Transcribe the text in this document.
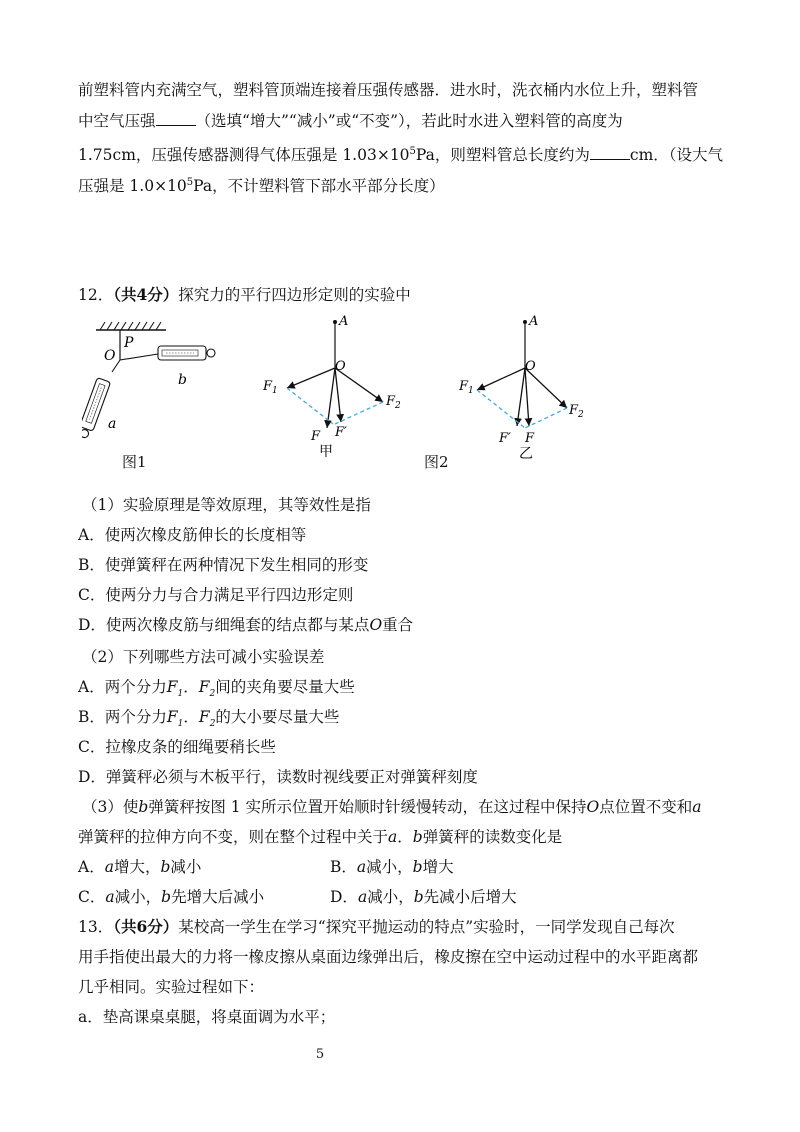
前塑料管内充满空气，塑料管顶端连接着压强传感器．进水时，洗衣桶内水位上升，塑料管
中空气压强	（选填“增大”“减小”或“不变”），若此时水进入塑料管的高度为
1.75cm，压强传感器测得气体压强是 $1.03\times 10^5Pa$，则塑料管总长度约为	cm．（设大气
压强是 $1.0\times 10^5Pa$，不计塑料管下部水平部分长度）
12．（共4分）探究力的平行四边形定则的实验中
O
P
b
a
图1
A
O
$F_1$
$F_2$
F F′
甲
A
O
$F_1$
$F_2$
F′ F
乙
图2
（1）实验原理是等效原理，其等效性是指
A．使两次橡皮筋伸长的长度相等
B．使弹簧秤在两种情况下发生相同的形变
C．使两分力与合力满足平行四边形定则
D．使两次橡皮筋与细绳套的结点都与某点O重合
（2）下列哪些方法可减小实验误差
A．两个分力$F_1$．$F_2$间的夹角要尽量大些
B．两个分力$F_1$．$F_2$的大小要尽量大些
C．拉橡皮条的细绳要稍长些
D．弹簧秤必须与木板平行，读数时视线要正对弹簧秤刻度
（3）使b弹簧秤按图 1 实所示位置开始顺时针缓慢转动，在这过程中保持O点位置不变和a
弹簧秤的拉伸方向不变，则在整个过程中关于a．b弹簧秤的读数变化是
A．a增大，b减小	B．a减小，b增大
C．a减小，b先增大后减小	D．a减小，b先减小后增大
13．（共6分）某校高一学生在学习“探究平抛运动的特点”实验时，一同学发现自己每次
用手指使出最大的力将一橡皮擦从桌面边缘弹出后，橡皮擦在空中运动过程中的水平距离都
几乎相同。实验过程如下：
a．垫高课桌桌腿，将桌面调为水平；
5
